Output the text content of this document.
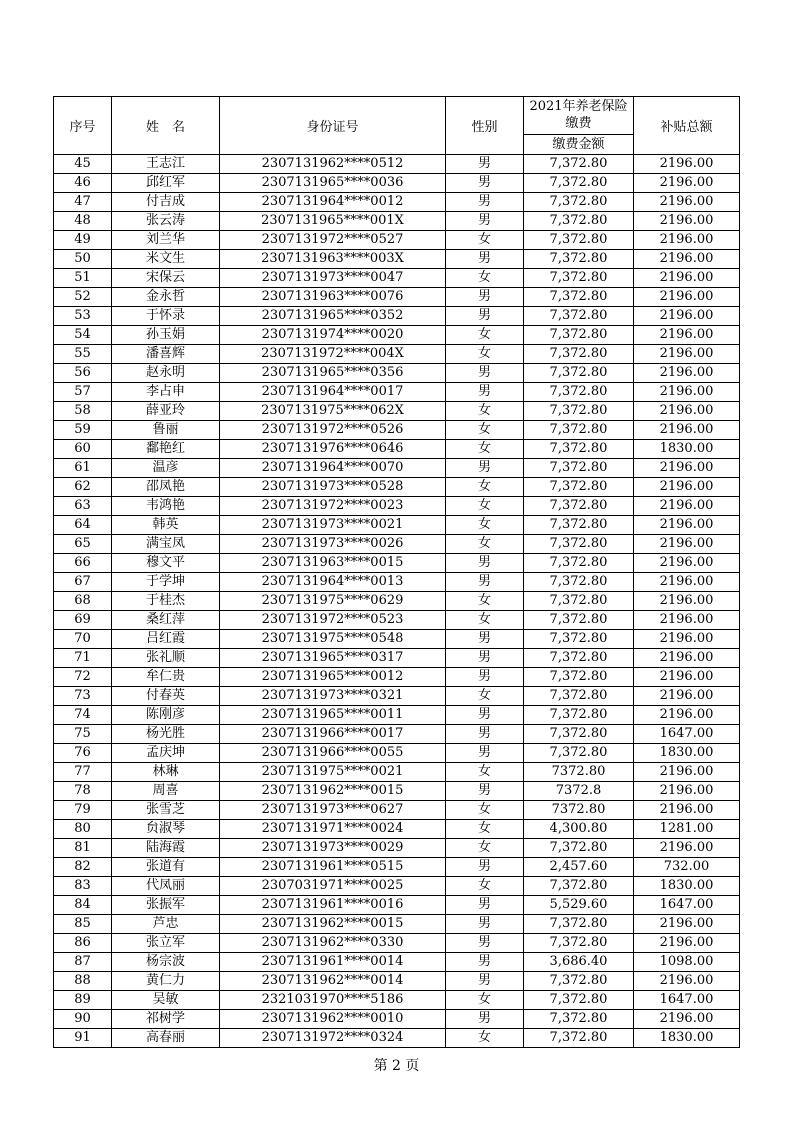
序号	姓　名	身份证号	性别	2021年养老保险缴费
缴费金额	补贴总额
45	王志江	2307131962****0512	男	7,372.80	2196.00
46	邱红军	2307131965****0036	男	7,372.80	2196.00
47	付吉成	2307131964****0012	男	7,372.80	2196.00
48	张云涛	2307131965****001X	男	7,372.80	2196.00
49	刘兰华	2307131972****0527	女	7,372.80	2196.00
50	米文生	2307131963****003X	男	7,372.80	2196.00
51	宋保云	2307131973****0047	女	7,372.80	2196.00
52	金永哲	2307131963****0076	男	7,372.80	2196.00
53	于怀录	2307131965****0352	男	7,372.80	2196.00
54	孙玉娟	2307131974****0020	女	7,372.80	2196.00
55	潘喜辉	2307131972****004X	女	7,372.80	2196.00
56	赵永明	2307131965****0356	男	7,372.80	2196.00
57	李占申	2307131964****0017	男	7,372.80	2196.00
58	薛亚玲	2307131975****062X	女	7,372.80	2196.00
59	鲁丽	2307131972****0526	女	7,372.80	2196.00
60	鄱艳红	2307131976****0646	女	7,372.80	1830.00
61	温彦	2307131964****0070	男	7,372.80	2196.00
62	邵凤艳	2307131973****0528	女	7,372.80	2196.00
63	韦鸿艳	2307131972****0023	女	7,372.80	2196.00
64	韩英	2307131973****0021	女	7,372.80	2196.00
65	满宝凤	2307131973****0026	女	7,372.80	2196.00
66	穆文平	2307131963****0015	男	7,372.80	2196.00
67	于学坤	2307131964****0013	男	7,372.80	2196.00
68	于桂杰	2307131975****0629	女	7,372.80	2196.00
69	桑红萍	2307131972****0523	女	7,372.80	2196.00
70	吕红霞	2307131975****0548	男	7,372.80	2196.00
71	张礼顺	2307131965****0317	男	7,372.80	2196.00
72	牟仁贵	2307131965****0012	男	7,372.80	2196.00
73	付春英	2307131973****0321	女	7,372.80	2196.00
74	陈刚彦	2307131965****0011	男	7,372.80	2196.00
75	杨光胜	2307131966****0017	男	7,372.80	1647.00
76	孟庆坤	2307131966****0055	男	7,372.80	1830.00
77	林琳	2307131975****0021	女	7372.80	2196.00
78	周喜	2307131962****0015	男	7372.8	2196.00
79	张雪芝	2307131973****0627	女	7372.80	2196.00
80	贠淑琴	2307131971****0024	女	4,300.80	1281.00
81	陆海霞	2307131973****0029	女	7,372.80	2196.00
82	张道有	2307131961****0515	男	2,457.60	732.00
83	代凤丽	2307031971****0025	女	7,372.80	1830.00
84	张振军	2307131961****0016	男	5,529.60	1647.00
85	芦忠	2307131962****0015	男	7,372.80	2196.00
86	张立军	2307131962****0330	男	7,372.80	2196.00
87	杨宗波	2307131961****0014	男	3,686.40	1098.00
88	黄仁力	2307131962****0014	男	7,372.80	2196.00
89	吴敏	2321031970****5186	女	7,372.80	1647.00
90	祁树学	2307131962****0010	男	7,372.80	2196.00
91	高春丽	2307131972****0324	女	7,372.80	1830.00
第 2 页
